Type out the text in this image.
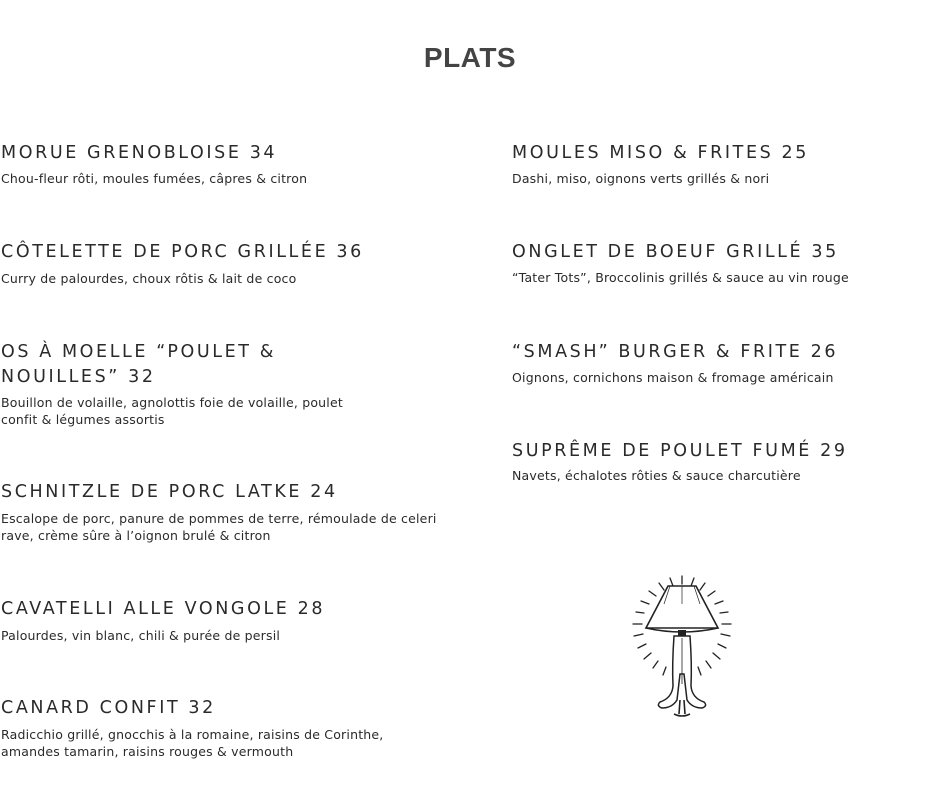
PLATS
MORUE GRENOBLOISE 34
Chou-fleur rôti, moules fumées, câpres & citron
CÔTELETTE DE PORC GRILLÉE 36
Curry de palourdes, choux rôtis & lait de coco
OS À MOELLE “POULET & NOUILLES” 32
Bouillon de volaille, agnolottis foie de volaille, poulet confit & légumes assortis
SCHNITZLE DE PORC LATKE 24
Escalope de porc, panure de pommes de terre, rémoulade de celeri rave, crème sûre à l’oignon brulé & citron
CAVATELLI ALLE VONGOLE 28
Palourdes, vin blanc, chili & purée de persil
CANARD CONFIT 32
Radicchio grillé, gnocchis à la romaine, raisins de Corinthe, amandes tamarin, raisins rouges & vermouth
MOULES MISO & FRITES 25
Dashi, miso, oignons verts grillés & nori
ONGLET DE BOEUF GRILLÉ 35
“Tater Tots”, Broccolinis grillés & sauce au vin rouge
“SMASH” BURGER & FRITE 26
Oignons, cornichons maison & fromage américain
SUPRÊME DE POULET FUMÉ 29
Navets, échalotes rôties & sauce charcutière
